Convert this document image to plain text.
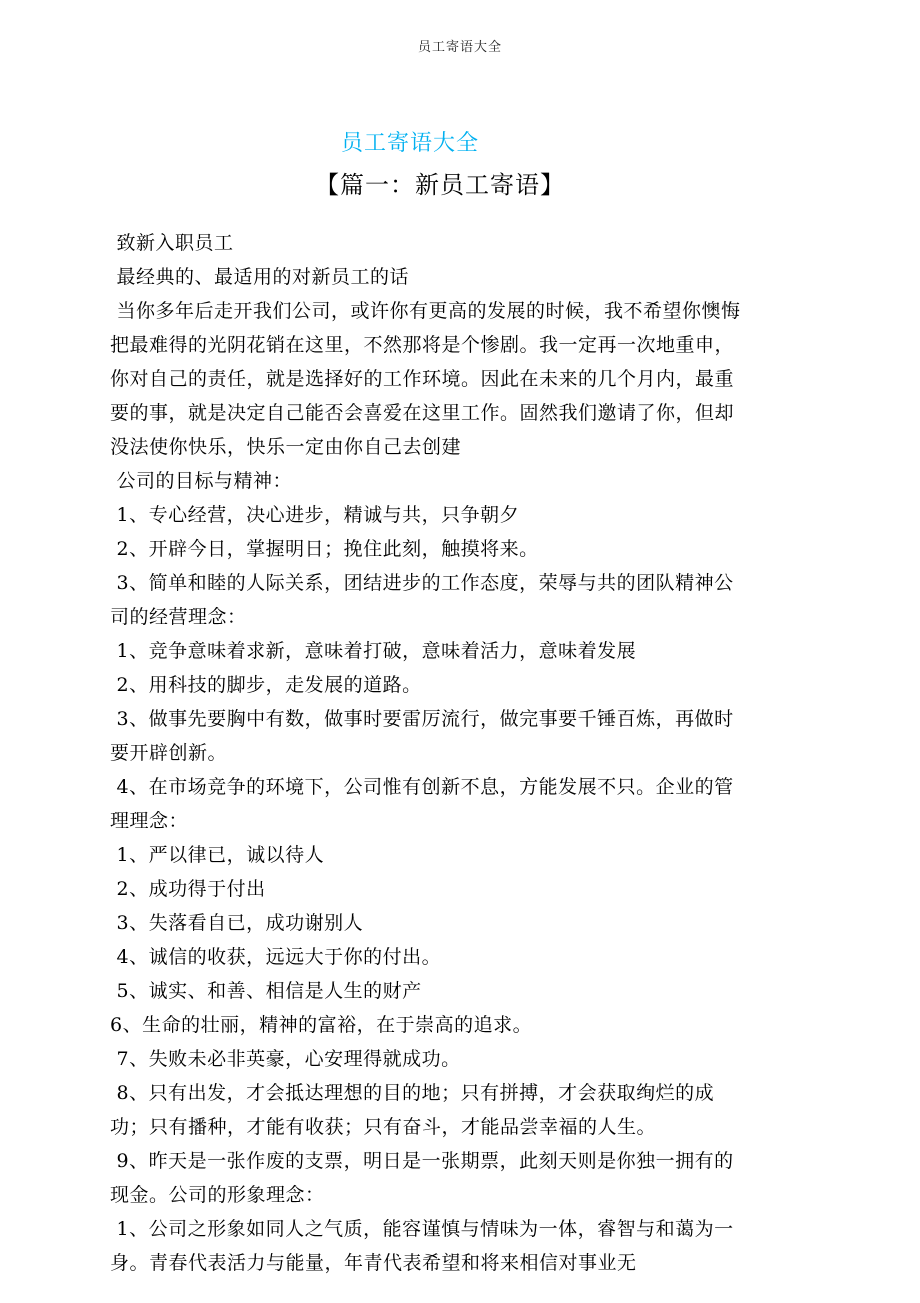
员工寄语大全
员工寄语大全
【篇一：新员工寄语】

致新入职员工

最经典的、最适用的对新员工的话

当你多年后走开我们公司，或许你有更高的发展的时候，我不希望你懊悔把最难得的光阴花销在这里，不然那将是个惨剧。我一定再一次地重申，你对自己的责任，就是选择好的工作环境。因此在未来的几个月内，最重要的事，就是决定自己能否会喜爱在这里工作。固然我们邀请了你，但却没法使你快乐，快乐一定由你自己去创建

公司的目标与精神：

1、专心经营，决心进步，精诚与共，只争朝夕

2、开辟今日，掌握明日；挽住此刻，触摸将来。

3、简单和睦的人际关系，团结进步的工作态度，荣辱与共的团队精神公司的经营理念：

1、竞争意味着求新，意味着打破，意味着活力，意味着发展

2、用科技的脚步，走发展的道路。

3、做事先要胸中有数，做事时要雷厉流行，做完事要千锤百炼，再做时要开辟创新。

4、在市场竞争的环境下，公司惟有创新不息，方能发展不只。企业的管理理念：

1、严以律已，诚以待人

2、成功得于付出

3、失落看自已，成功谢别人

4、诚信的收获，远远大于你的付出。

5、诚实、和善、相信是人生的财产

6、生命的壮丽，精神的富裕，在于崇高的追求。

7、失败未必非英豪，心安理得就成功。

8、只有出发，才会抵达理想的目的地；只有拼搏，才会获取绚烂的成功；只有播种，才能有收获；只有奋斗，才能品尝幸福的人生。

9、昨天是一张作废的支票，明日是一张期票，此刻天则是你独一拥有的现金。公司的形象理念：

1、公司之形象如同人之气质，能容谨慎与情味为一体，睿智与和蔼为一身。青春代表活力与能量，年青代表希望和将来相信对事业无
